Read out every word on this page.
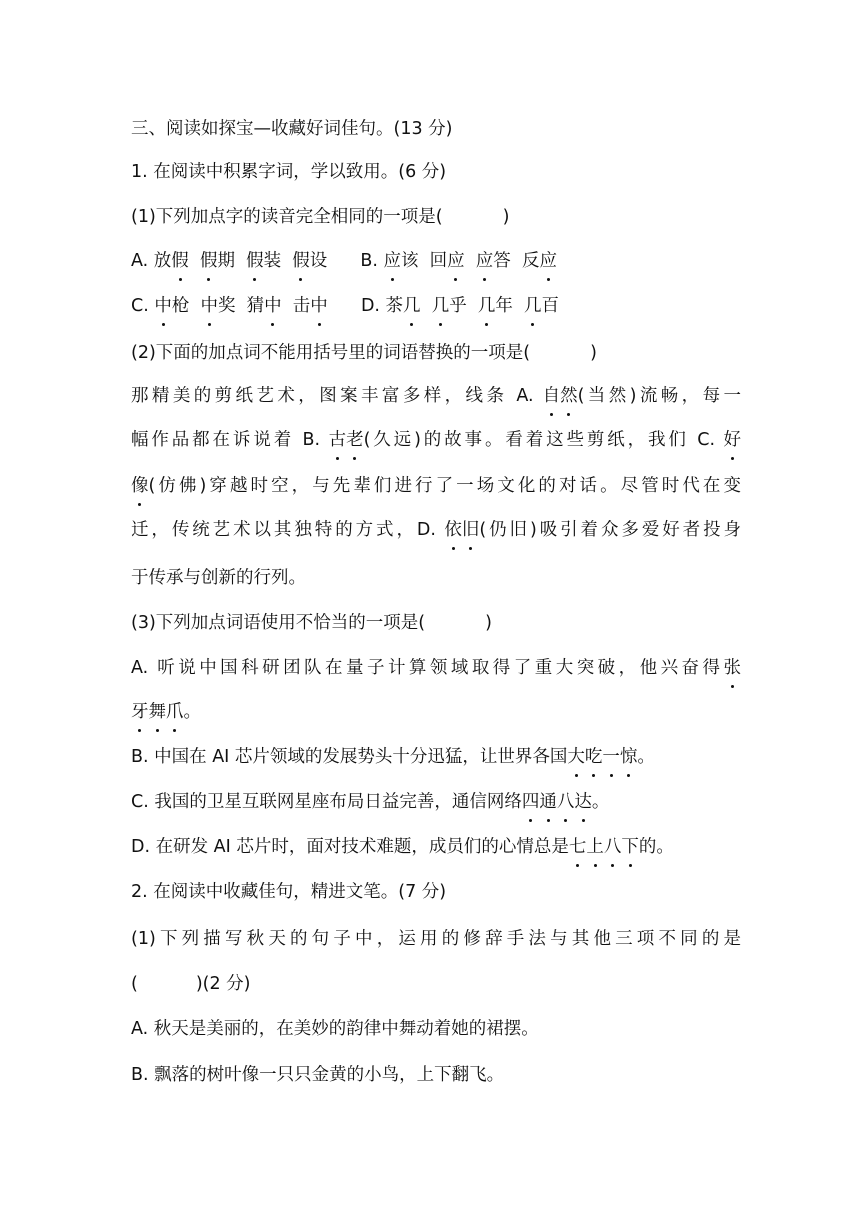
三、阅读如探宝—收藏好词佳句。(13 分)
1. 在阅读中积累字词，学以致用。(6 分)
(1)下列加点字的读音完全相同的一项是(	)
A. 放假 假期 假装 假设 B. 应该 回应 应答 反应
C. 中枪 中奖 猜中 击中 D. 茶几 几乎 几年 几百
(2)下面的加点词不能用括号里的词语替换的一项是(	)
那精美的剪纸艺术，图案丰富多样，线条 A. 自然(当然)流畅，每一
幅作品都在诉说着 B. 古老(久远)的故事。看着这些剪纸，我们 C. 好
像(仿佛)穿越时空，与先辈们进行了一场文化的对话。尽管时代在变
迁，传统艺术以其独特的方式，D. 依旧(仍旧)吸引着众多爱好者投身
于传承与创新的行列。
(3)下列加点词语使用不恰当的一项是(	)
A. 听说中国科研团队在量子计算领域取得了重大突破，他兴奋得张
牙舞爪。
B. 中国在 AI 芯片领域的发展势头十分迅猛，让世界各国大吃一惊。
C. 我国的卫星互联网星座布局日益完善，通信网络四通八达。
D. 在研发 AI 芯片时，面对技术难题，成员们的心情总是七上八下的。
2. 在阅读中收藏佳句，精进文笔。(7 分)
(1)下列描写秋天的句子中，运用的修辞手法与其他三项不同的是
(	)(2 分)
A. 秋天是美丽的，在美妙的韵律中舞动着她的裙摆。
B. 飘落的树叶像一只只金黄的小鸟，上下翻飞。
